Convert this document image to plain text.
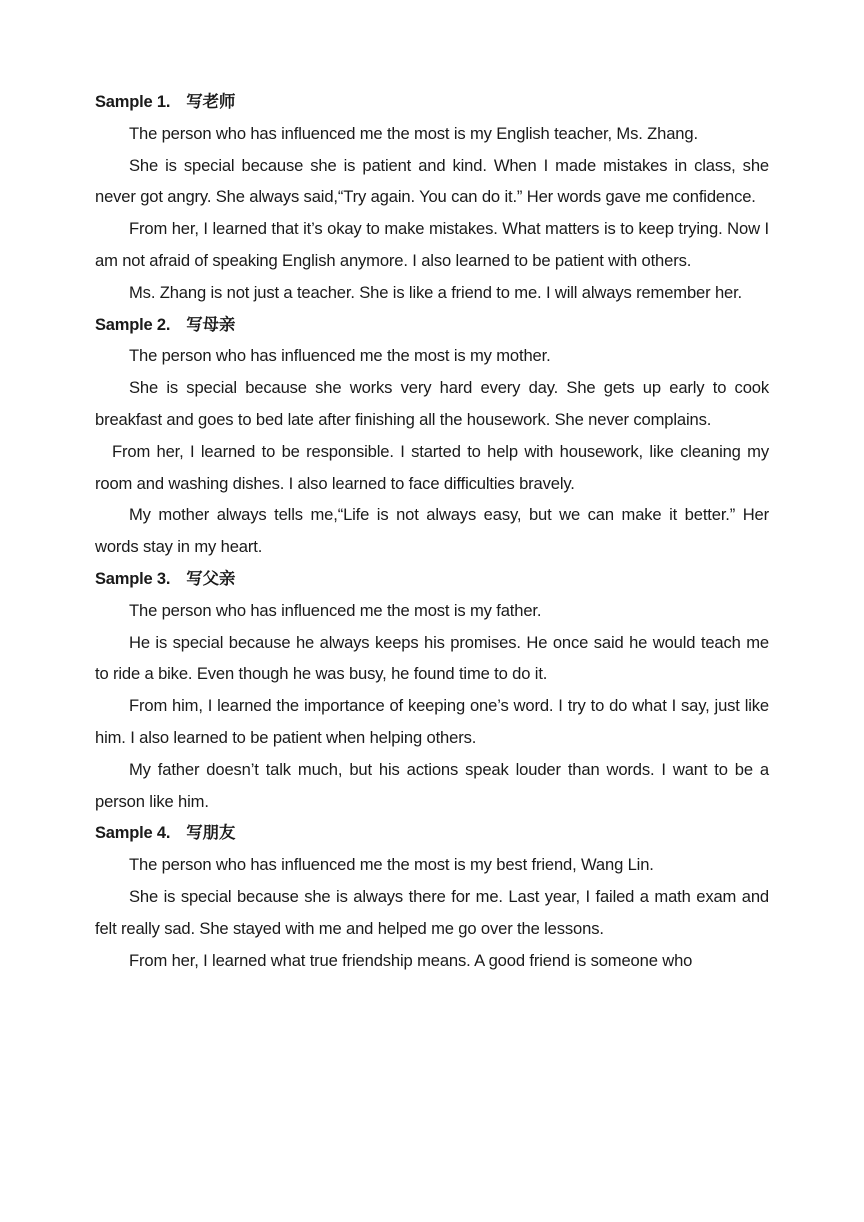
Sample 1. 写老师

The person who has influenced me the most is my English teacher, Ms. Zhang.

She is special because she is patient and kind. When I made mistakes in class, she never got angry. She always said,“Try again. You can do it.” Her words gave me confidence.

From her, I learned that it’s okay to make mistakes. What matters is to keep trying. Now I am not afraid of speaking English anymore. I also learned to be patient with others.

Ms. Zhang is not just a teacher. She is like a friend to me. I will always remember her.

Sample 2. 写母亲

The person who has influenced me the most is my mother.

She is special because she works very hard every day. She gets up early to cook breakfast and goes to bed late after finishing all the housework. She never complains.

From her, I learned to be responsible. I started to help with housework, like cleaning my room and washing dishes. I also learned to face difficulties bravely.

My mother always tells me,“Life is not always easy, but we can make it better.” Her words stay in my heart.

Sample 3. 写父亲

The person who has influenced me the most is my father.

He is special because he always keeps his promises. He once said he would teach me to ride a bike. Even though he was busy, he found time to do it.

From him, I learned the importance of keeping one’s word. I try to do what I say, just like him. I also learned to be patient when helping others.

My father doesn’t talk much, but his actions speak louder than words. I want to be a person like him.

Sample 4. 写朋友

The person who has influenced me the most is my best friend, Wang Lin.

She is special because she is always there for me. Last year, I failed a math exam and felt really sad. She stayed with me and helped me go over the lessons.

From her, I learned what true friendship means. A good friend is someone who
